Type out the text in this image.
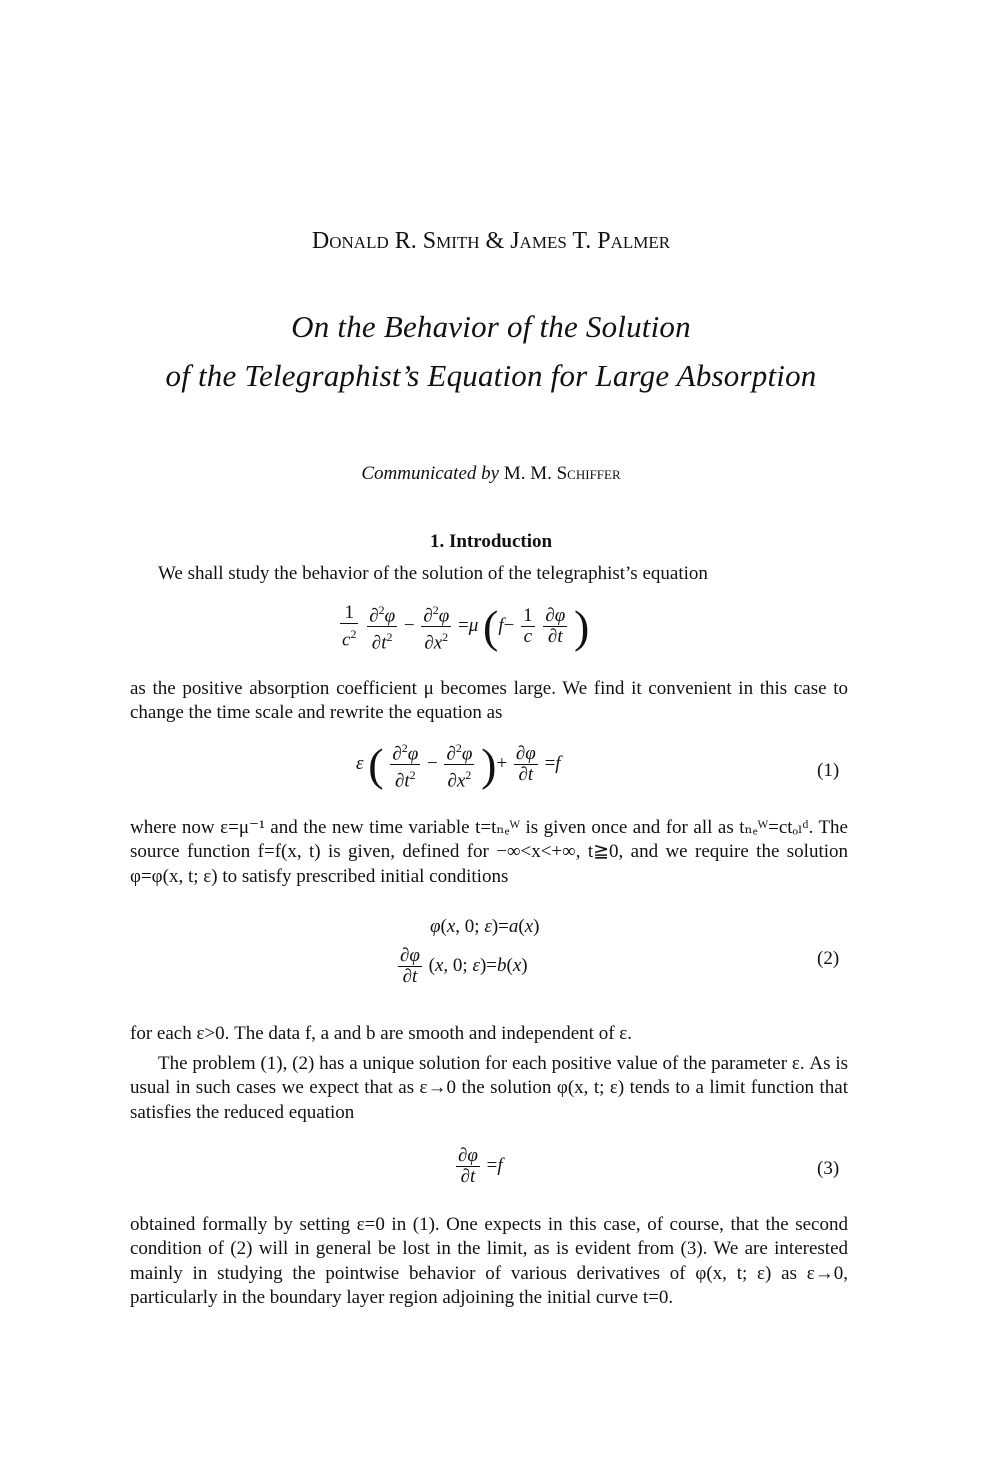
On the Behavior of the Solution
of the Telegraphist’s Equation for Large Absorption
Donald R. Smith & James T. Palmer
Communicated by M. M. Schiffer
1. Introduction

We shall study the behavior of the solution of the telegraphist’s equation

$\frac{1}{c^2}$
$\frac{\partial^2\varphi}{\partial t^2} - \frac{\partial^2\varphi}{\partial x^2} =\mu$ ($f- \frac{1}{c}$
$\frac{\partial\varphi}{\partial t}$ )

as the positive absorption coefficient μ becomes large. We find it convenient in this case to change the time scale and rewrite the equation as

ε ( $\frac{\partial^2\varphi}{\partial t^2} - \frac{\partial^2\varphi}{\partial x^2}$ )+ $\frac{\partial\varphi}{\partial t} =f$	(1)

where now ε=μ⁻¹ and the new time variable t=tₙₑᵂ is given once and for all as tₙₑᵂ=ctₒₗᵈ. The source function f=f(x, t) is given, defined for −∞<x<+∞, t≧0, and we require the solution φ=φ(x, t; ε) to satisfy prescribed initial conditions

φ(x, 0; ε)=a(x)
$\frac{\partial\varphi}{\partial t} (x$, 0; ε)=b(x)	(2)

for each ε>0. The data f, a and b are smooth and independent of ε.

The problem (1), (2) has a unique solution for each positive value of the parameter ε. As is usual in such cases we expect that as ε→0 the solution φ(x, t; ε) tends to a limit function that satisfies the reduced equation

$\frac{\partial\varphi}{\partial t} =f$	(3)

obtained formally by setting ε=0 in (1). One expects in this case, of course, that the second condition of (2) will in general be lost in the limit, as is evident from (3). We are interested mainly in studying the pointwise behavior of various derivatives of φ(x, t; ε) as ε→0, particularly in the boundary layer region adjoining the initial curve t=0.
